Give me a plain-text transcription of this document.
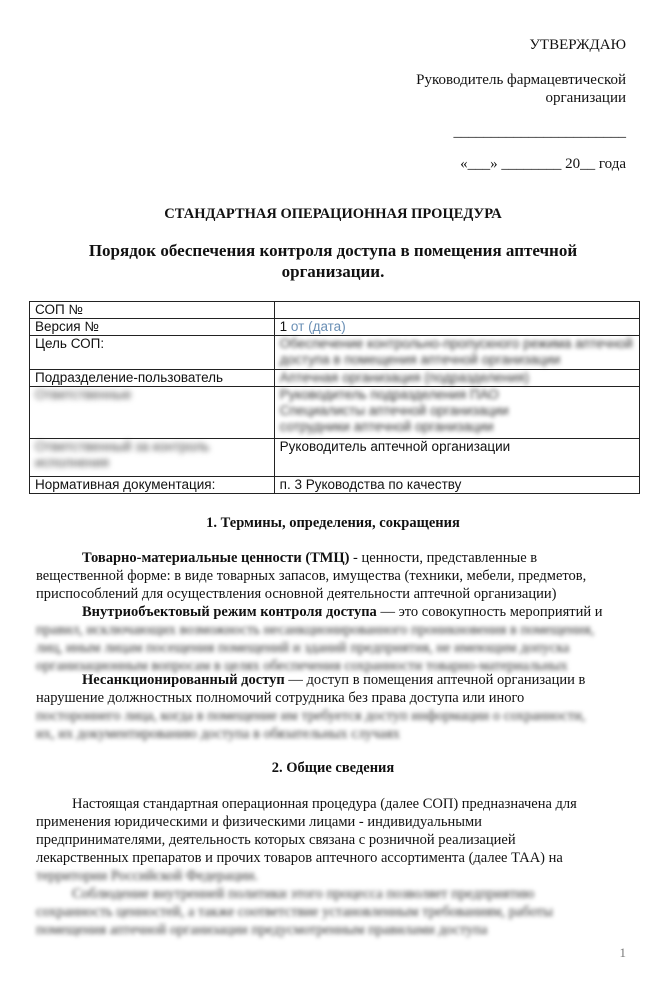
УТВЕРЖДАЮ
Руководитель фармацевтической
организации
_______________________
«___» ________ 20__ года
СТАНДАРТНАЯ ОПЕРАЦИОННАЯ ПРОЦЕДУРА
Порядок обеспечения контроля доступа в помещения аптечной
организации.
СОП №	
Версия №	1 от (дата)
Цель СОП:	Обеспечение контрольно-пропускного режима аптечной
доступа в помещения аптечной организации

Подразделение-пользователь	Аптечная организация (подразделения)
Ответственные	Руководитель подразделения ПАО
Специалисты аптечной организации
сотрудники аптечной организации

Ответственный за контроль
исполнения	Руководитель аптечной организации
Нормативная документация:	п. 3 Руководства по качеству
1. Термины, определения, сокращения
Товарно-материальные ценности (ТМЦ) - ценности, представленные в
вещественной форме: в виде товарных запасов, имущества (техники, мебели, предметов,
приспособлений для осуществления основной деятельности аптечной организации)
Внутриобъектовый режим контроля доступа — это совокупность мероприятий и
правил, исключающих возможность несанкционированного проникновения в помещения,
лиц, иным лицам посещения помещений и зданий предприятия, не имеющим допуска
организационным вопросам в целях обеспечения сохранности товарно-материальных
Несанкционированный доступ — доступ в помещения аптечной организации в
нарушение должностных полномочий сотрудника без права доступа или иного
постороннего лица, когда в помещение им требуется доступ информации о сохранности,
их, их документированию доступа в обязательных случаях
2. Общие сведения
Настоящая стандартная операционная процедура (далее СОП) предназначена для
применения юридическими и физическими лицами - индивидуальными
предпринимателями, деятельность которых связана с розничной реализацией
лекарственных препаратов и прочих товаров аптечного ассортимента (далее ТАА) на
территории Российской Федерации.
Соблюдение внутренней политики этого процесса позволяет предприятию
сохранность ценностей, а также соответствие установленным требованиям, работы
помещения аптечной организации предусмотренным правилами доступа
1
